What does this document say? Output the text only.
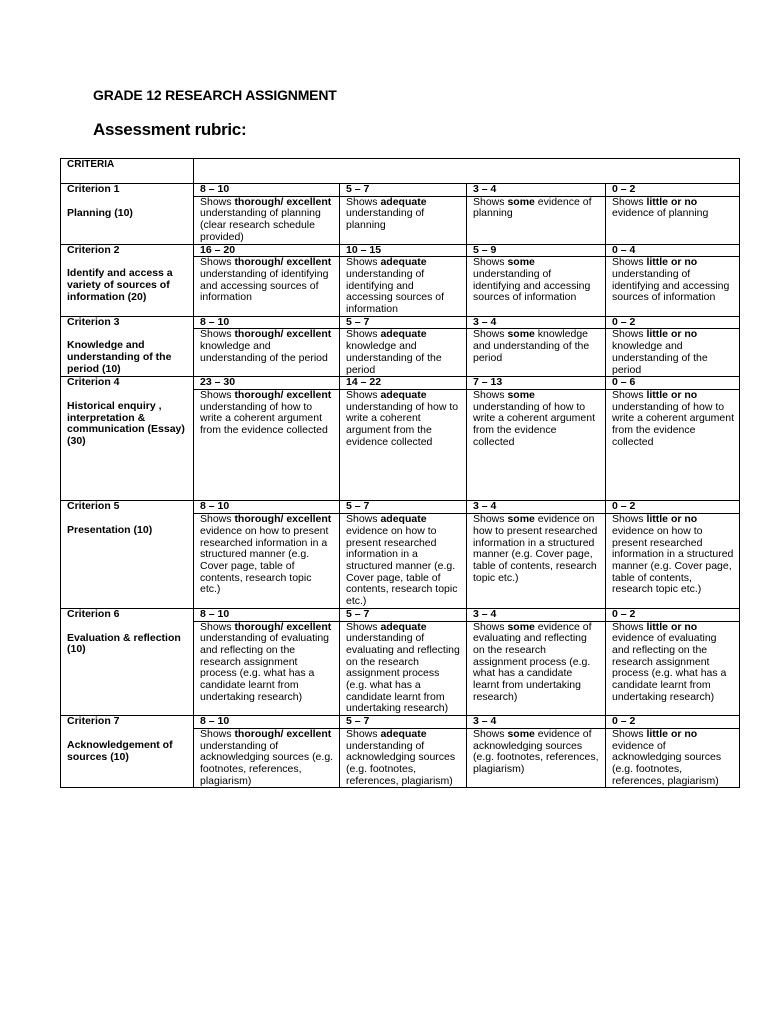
GRADE 12 RESEARCH ASSIGNMENT
Assessment rubric:
CRITERIA				
Criterion 1
Planning (10)	8 – 10	5 – 7	3 – 4	0 – 2
	Shows thorough/ excellent understanding of planning (clear research schedule provided)	Shows adequate understanding of planning	Shows some evidence of planning	Shows little or no evidence of planning
Criterion 2
Identify and access a variety of sources of information (20)	16 – 20	10 – 15	5 – 9	0 – 4
	Shows thorough/ excellent understanding of identifying and accessing sources of information	Shows adequate understanding of identifying and accessing sources of information	Shows some understanding of identifying and accessing sources of information	Shows little or no understanding of identifying and accessing sources of information
Criterion 3
Knowledge and understanding of the period (10)	8 – 10	5 – 7	3 – 4	0 – 2
	Shows thorough/ excellent knowledge and understanding of the period	Shows adequate knowledge and understanding of the period	Shows some knowledge and understanding of the period	Shows little or no knowledge and understanding of the period
Criterion 4
Historical enquiry , interpretation & communication (Essay) (30)	23 – 30	14 – 22	7 – 13	0 – 6
	Shows thorough/ excellent understanding of how to write a coherent argument from the evidence collected	Shows adequate understanding of how to write a coherent argument from the evidence collected	Shows some understanding of how to write a coherent argument from the evidence collected	Shows little or no understanding of how to write a coherent argument from the evidence collected
Criterion 5
Presentation (10)	8 – 10	5 – 7	3 – 4	0 – 2
	Shows thorough/ excellent evidence on how to present researched information in a structured manner (e.g. Cover page, table of contents, research topic etc.)	Shows adequate evidence on how to present researched information in a structured manner (e.g. Cover page, table of contents, research topic etc.)	Shows some evidence on how to present researched information in a structured manner (e.g. Cover page, table of contents, research topic etc.)	Shows little or no evidence on how to present researched information in a structured manner (e.g. Cover page, table of contents, research topic etc.)
Criterion 6
Evaluation & reflection (10)	8 – 10	5 – 7	3 – 4	0 – 2
	Shows thorough/ excellent understanding of evaluating and reflecting on the research assignment process (e.g. what has a candidate learnt from undertaking research)	Shows adequate understanding of evaluating and reflecting on the research assignment process (e.g. what has a candidate learnt from undertaking research)	Shows some evidence of evaluating and reflecting on the research assignment process (e.g. what has a candidate learnt from undertaking research)	Shows little or no evidence of evaluating and reflecting on the research assignment process (e.g. what has a candidate learnt from undertaking research)
Criterion 7
Acknowledgement of sources (10)	8 – 10	5 – 7	3 – 4	0 – 2
	Shows thorough/ excellent understanding of acknowledging sources (e.g. footnotes, references, plagiarism)	Shows adequate understanding of acknowledging sources (e.g. footnotes, references, plagiarism)	Shows some evidence of acknowledging sources (e.g. footnotes, references, plagiarism)	Shows little or no evidence of acknowledging sources (e.g. footnotes, references, plagiarism)
